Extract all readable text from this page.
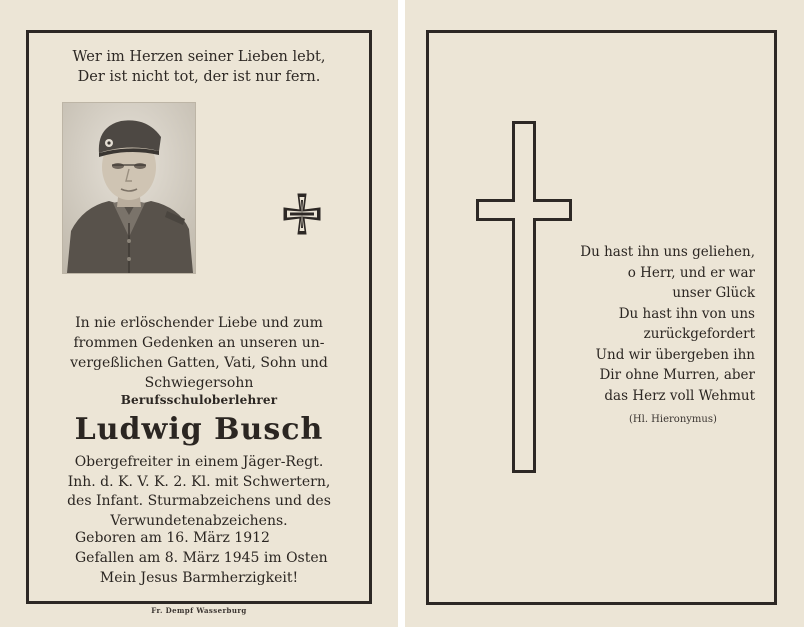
Wer im Herzen seiner Lieben lebt,
Der ist nicht tot, der ist nur fern.
In nie erlöschender Liebe und zum
frommen Gedenken an unseren un-
vergeßlichen Gatten, Vati, Sohn und
Schwiegersohn
Berufsschuloberlehrer
Ludwig Busch
Obergefreiter in einem Jäger-Regt.
Inh. d. K. V. K. 2. Kl. mit Schwertern,
des Infant. Sturmabzeichens und des
Verwundetenabzeichens.
Geboren am 16. März 1912
Gefallen am 8. März 1945 im Osten
Mein Jesus Barmherzigkeit!
Fr. Dempf Wasserburg
Du hast ihn uns geliehen,
o Herr, und er war
unser Glück
Du hast ihn von uns
zurückgefordert
Und wir übergeben ihn
Dir ohne Murren, aber
das Herz voll Wehmut
(Hl. Hieronymus)
